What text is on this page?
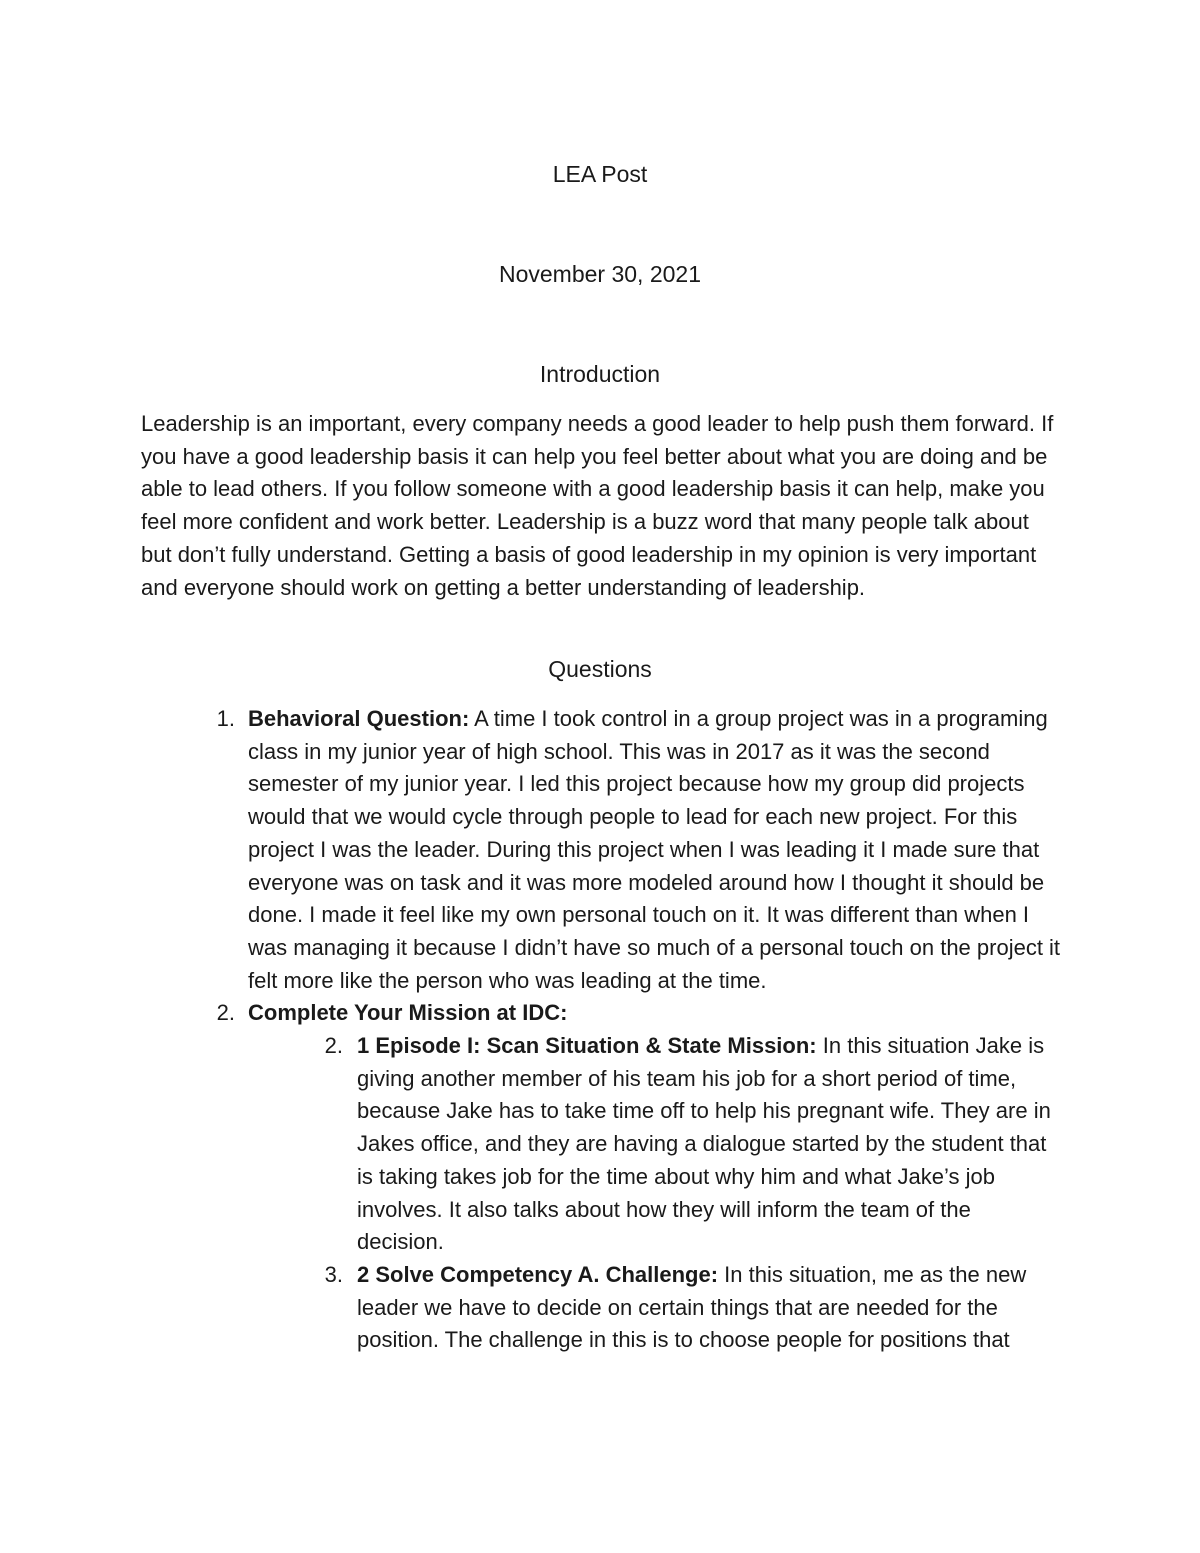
LEA Post
November 30, 2021
Introduction

Leadership is an important, every company needs a good leader to help push them forward. If you have a good leadership basis it can help you feel better about what you are doing and be able to lead others. If you follow someone with a good leadership basis it can help, make you feel more confident and work better. Leadership is a buzz word that many people talk about but don’t fully understand. Getting a basis of good leadership in my opinion is very important and everyone should work on getting a better understanding of leadership.

Questions
1. Behavioral Question: A time I took control in a group project was in a programing class in my junior year of high school. This was in 2017 as it was the second semester of my junior year. I led this project because how my group did projects would that we would cycle through people to lead for each new project. For this project I was the leader. During this project when I was leading it I made sure that everyone was on task and it was more modeled around how I thought it should be done. I made it feel like my own personal touch on it. It was different than when I was managing it because I didn’t have so much of a personal touch on the project it felt more like the person who was leading at the time.
2. Complete Your Mission at IDC:
2. 1 Episode I: Scan Situation & State Mission: In this situation Jake is giving another member of his team his job for a short period of time, because Jake has to take time off to help his pregnant wife. They are in Jakes office, and they are having a dialogue started by the student that is taking takes job for the time about why him and what Jake’s job involves. It also talks about how they will inform the team of the decision.
3. 2 Solve Competency A. Challenge: In this situation, me as the new leader we have to decide on certain things that are needed for the position. The challenge in this is to choose people for positions that
